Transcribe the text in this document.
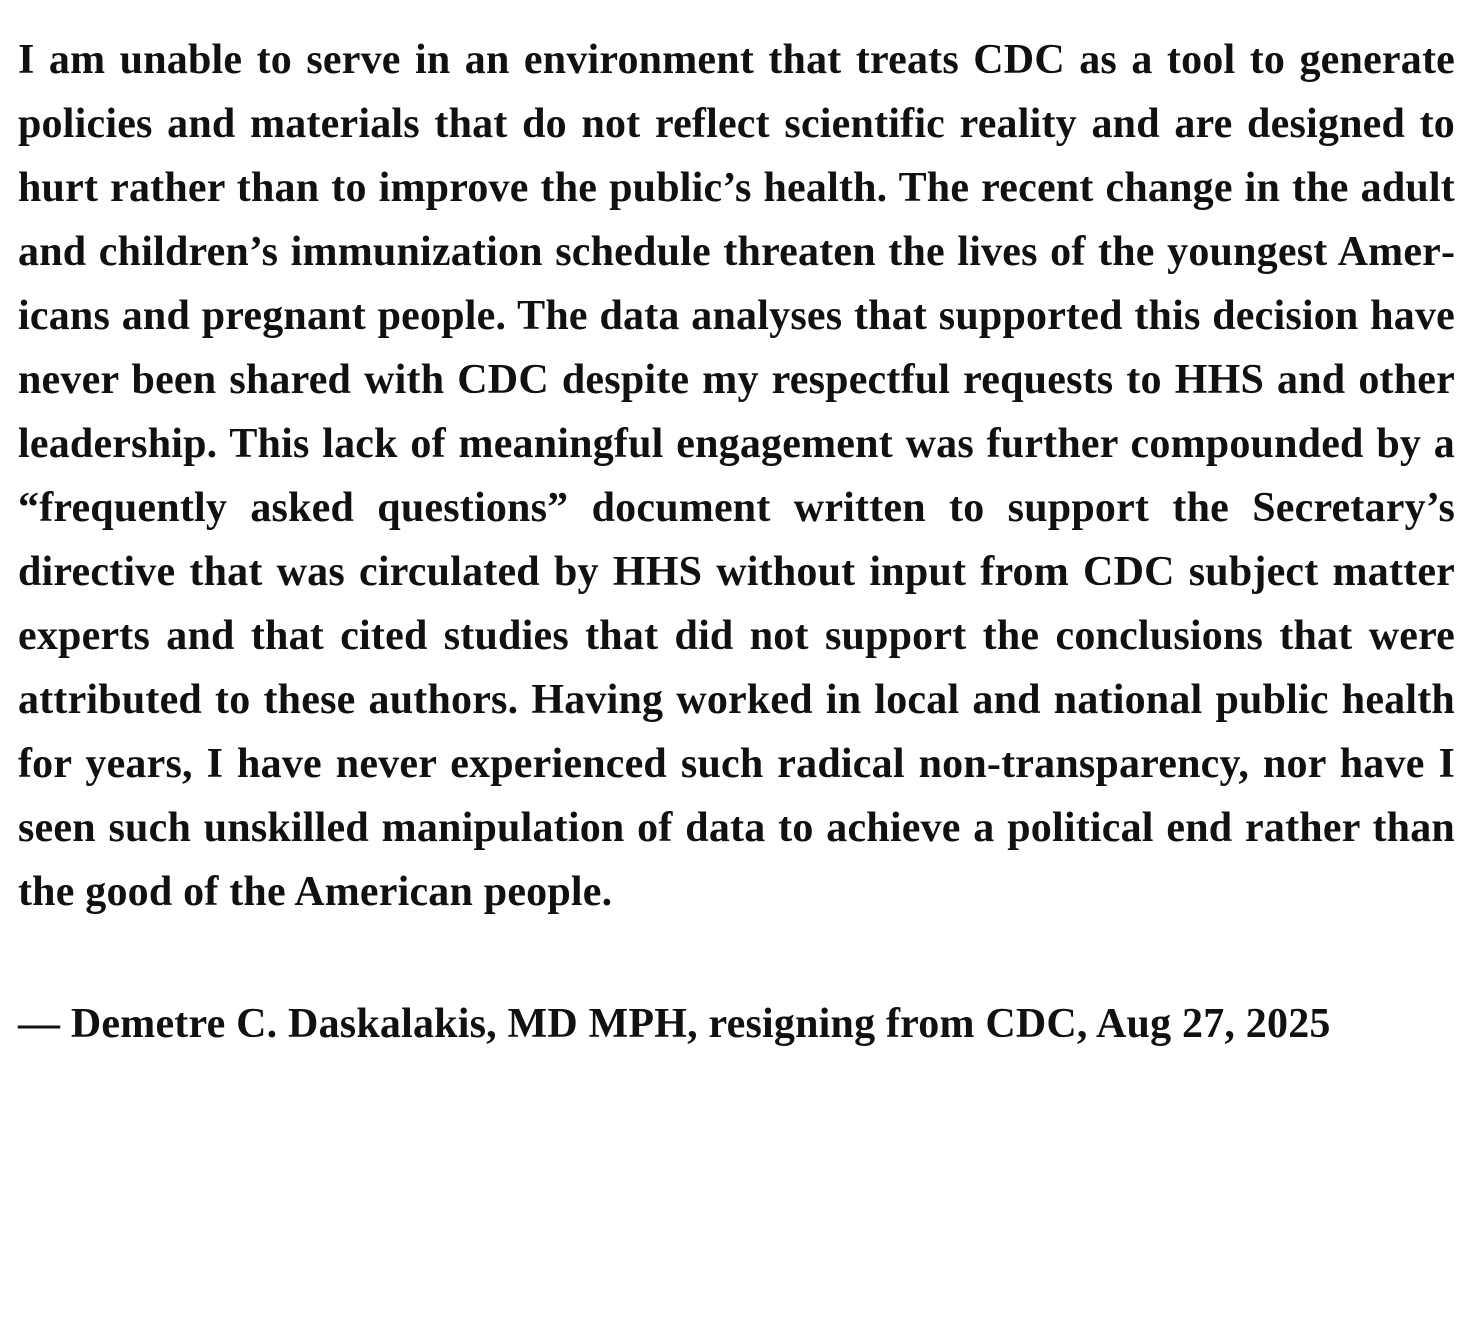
I am unable to serve in an environment that treats CDC as a tool to generate policies and materials that do not reflect scientific reality and are designed to hurt rather than to improve the public’s health. The recent change in the adult and children’s immunization schedule threaten the lives of the youngest Americans and pregnant people. The data analyses that supported this decision have never been shared with CDC despite my respectful requests to HHS and other leadership. This lack of meaningful engagement was further compounded by a “frequently asked questions” document written to support the Secretary’s directive that was circulated by HHS without input from CDC subject matter experts and that cited studies that did not support the conclusions that were attributed to these authors. Having worked in local and national public health for years, I have never experienced such radical non-transparency, nor have I seen such unskilled manipulation of data to achieve a political end rather than the good of the American people.

— Demetre C. Daskalakis, MD MPH, resigning from CDC, Aug 27, 2025
